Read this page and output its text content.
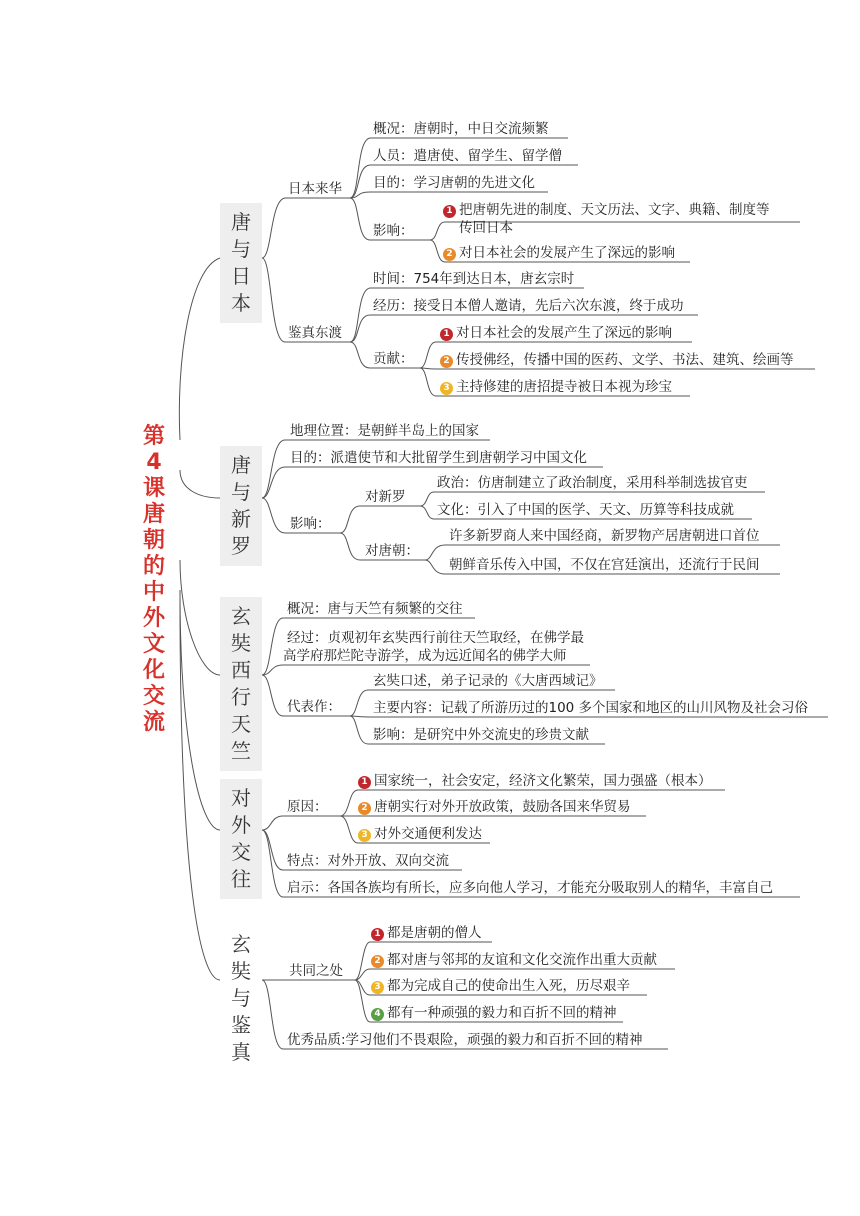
第
4
课
唐
朝
的
中
外
文
化
交
流
唐与日本
唐与新罗
玄奘西行天竺
对外交往
玄奘与鉴真
日本来华
概况：唐朝时，中日交流频繁
人员：遣唐使、留学生、留学僧
目的：学习唐朝的先进文化
影响：
1 把唐朝先进的制度、天文历法、文字、典籍、制度等
传回日本
2 对日本社会的发展产生了深远的影响
鉴真东渡
时间：754年到达日本，唐玄宗时
经历：接受日本僧人邀请，先后六次东渡，终于成功
贡献：
1 对日本社会的发展产生了深远的影响
2 传授佛经，传播中国的医药、文学、书法、建筑、绘画等
3 主持修建的唐招提寺被日本视为珍宝
地理位置：是朝鲜半岛上的国家
目的：派遣使节和大批留学生到唐朝学习中国文化
影响：
对新罗
政治：仿唐制建立了政治制度，采用科举制选拔官吏
文化：引入了中国的医学、天文、历算等科技成就
对唐朝：
许多新罗商人来中国经商，新罗物产居唐朝进口首位
朝鲜音乐传入中国，不仅在宫廷演出，还流行于民间
概况：唐与天竺有频繁的交往
经过：贞观初年玄奘西行前往天竺取经，在佛学最
高学府那烂陀寺游学，成为远近闻名的佛学大师
代表作：
玄奘口述，弟子记录的《大唐西域记》
主要内容：记载了所游历过的100 多个国家和地区的山川风物及社会习俗
影响：是研究中外交流史的珍贵文献
原因：
1 国家统一，社会安定，经济文化繁荣，国力强盛（根本）
2 唐朝实行对外开放政策，鼓励各国来华贸易
3 对外交通便利发达
特点：对外开放、双向交流
启示：各国各族均有所长，应多向他人学习，才能充分吸取别人的精华，丰富自己
共同之处
1 都是唐朝的僧人
2 都对唐与邻邦的友谊和文化交流作出重大贡献
3 都为完成自己的使命出生入死，历尽艰辛
4 都有一种顽强的毅力和百折不回的精神
优秀品质:学习他们不畏艰险，顽强的毅力和百折不回的精神
